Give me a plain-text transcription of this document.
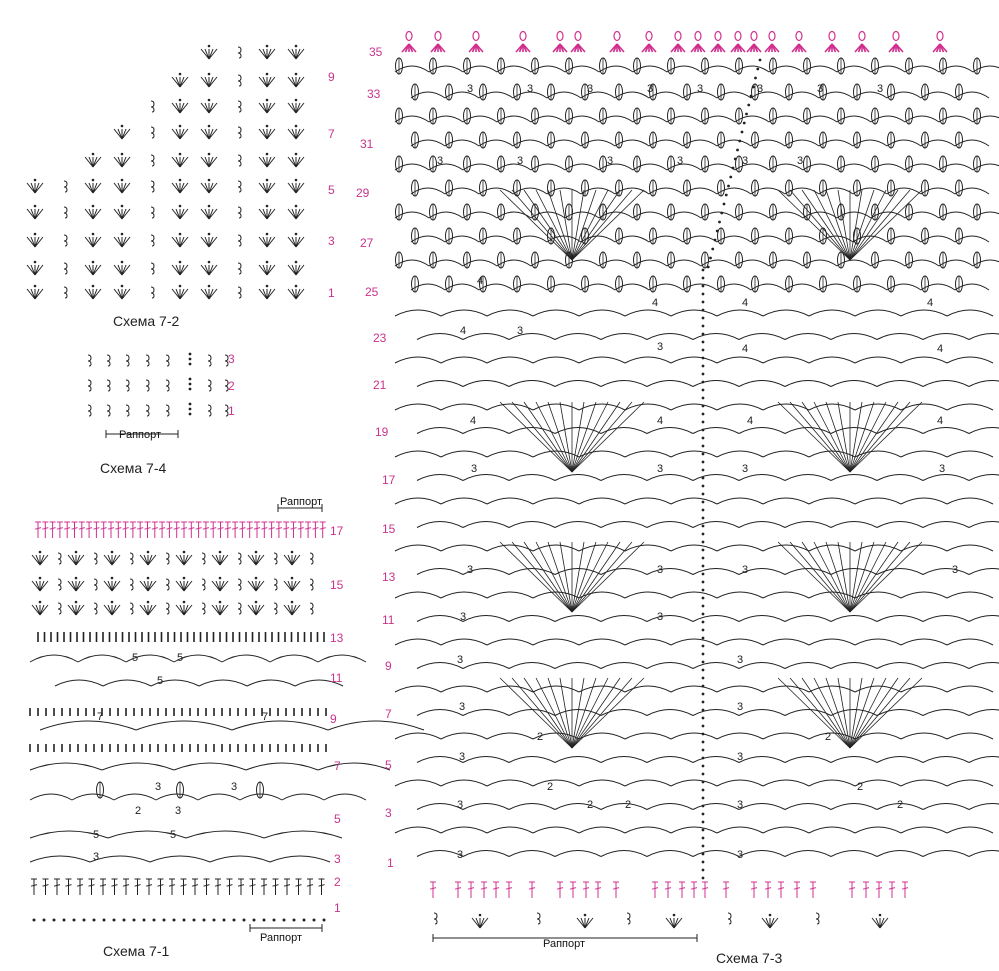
5	5
5
7	7
3	3
2	3
5	5
3
3	3	3	3	3	3	3	3
3	3	3	3	3	3
4
4	4	4
4	3
3	4	4
4	4	4	4
3	3	3	3
3	3	3	3
3
3
3
3
3
3
3
3
3
3
3
3
2
2
2	2
2
2
2
Схема 7-2
9
7
5
3
1
3
2
1
Раппорт
Схема 7-4
Раппорт
17
15
13
11
9
7
5
3
2
1
Раппорт
Схема 7-1
35
33
31
29
27
25
23
21
19
17
15
13
11
9
7
5
3
1
Раппорт
Схема 7-3
